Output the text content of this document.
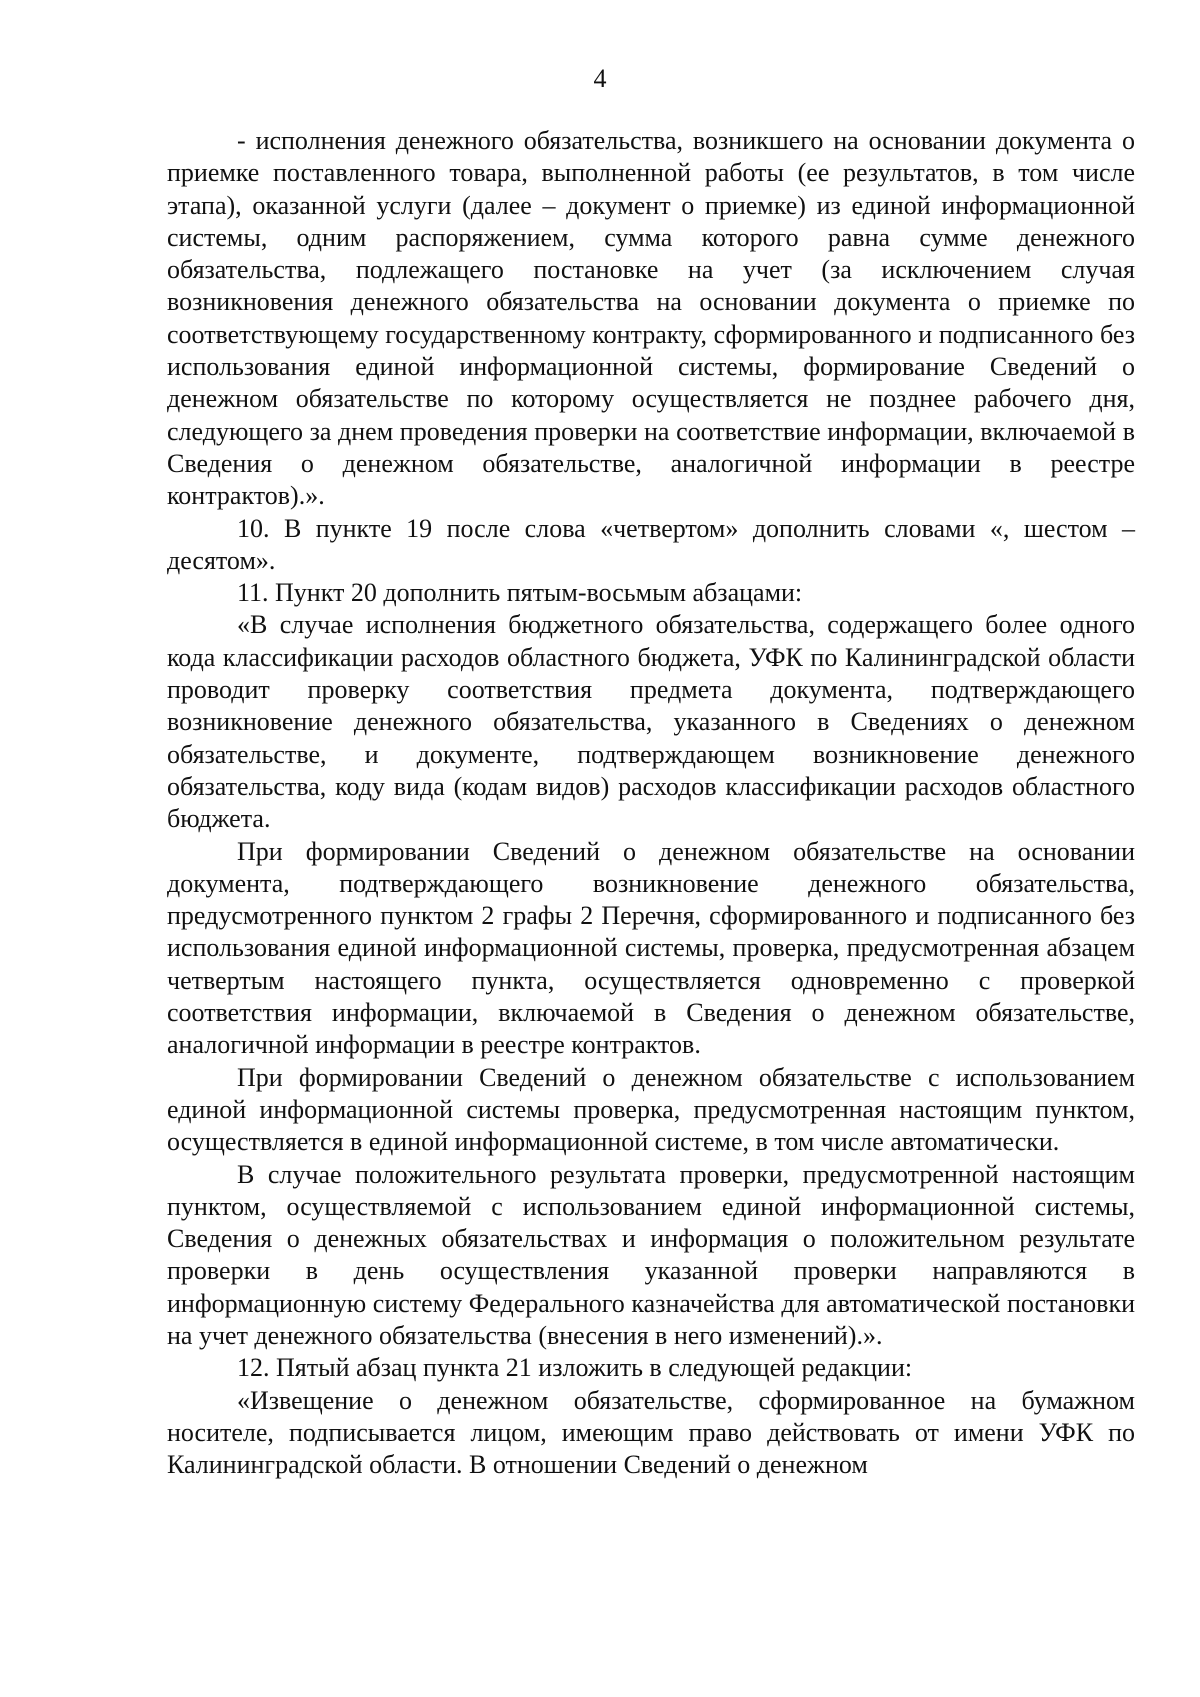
4

- исполнения денежного обязательства, возникшего на основании документа о приемке поставленного товара, выполненной работы (ее результатов, в том числе этапа), оказанной услуги (далее – документ о приемке) из единой информационной системы, одним распоряжением, сумма которого равна сумме денежного обязательства, подлежащего постановке на учет (за исключением случая возникновения денежного обязательства на основании документа о приемке по соответствующему государственному контракту, сформированного и подписанного без использования единой информационной системы, формирование Сведений о денежном обязательстве по которому осуществляется не позднее рабочего дня, следующего за днем проведения проверки на соответствие информации, включаемой в Сведения о денежном обязательстве, аналогичной информации в реестре контрактов).».

10. В пункте 19 после слова «четвертом» дополнить словами «, шестом – десятом».

11. Пункт 20 дополнить пятым-восьмым абзацами:

«В случае исполнения бюджетного обязательства, содержащего более одного кода классификации расходов областного бюджета, УФК по Калининградской области проводит проверку соответствия предмета документа, подтверждающего возникновение денежного обязательства, указанного в Сведениях о денежном обязательстве, и документе, подтверждающем возникновение денежного обязательства, коду вида (кодам видов) расходов классификации расходов областного бюджета.

При формировании Сведений о денежном обязательстве на основании документа, подтверждающего возникновение денежного обязательства, предусмотренного пунктом 2 графы 2 Перечня, сформированного и подписанного без использования единой информационной системы, проверка, предусмотренная абзацем четвертым настоящего пункта, осуществляется одновременно с проверкой соответствия информации, включаемой в Сведения о денежном обязательстве, аналогичной информации в реестре контрактов.

При формировании Сведений о денежном обязательстве с использованием единой информационной системы проверка, предусмотренная настоящим пунктом, осуществляется в единой информационной системе, в том числе автоматически.

В случае положительного результата проверки, предусмотренной настоящим пунктом, осуществляемой с использованием единой информационной системы, Сведения о денежных обязательствах и информация о положительном результате проверки в день осуществления указанной проверки направляются в информационную систему Федерального казначейства для автоматической постановки на учет денежного обязательства (внесения в него изменений).».

12. Пятый абзац пункта 21 изложить в следующей редакции:

«Извещение о денежном обязательстве, сформированное на бумажном носителе, подписывается лицом, имеющим право действовать от имени УФК по Калининградской области. В отношении Сведений о денежном
